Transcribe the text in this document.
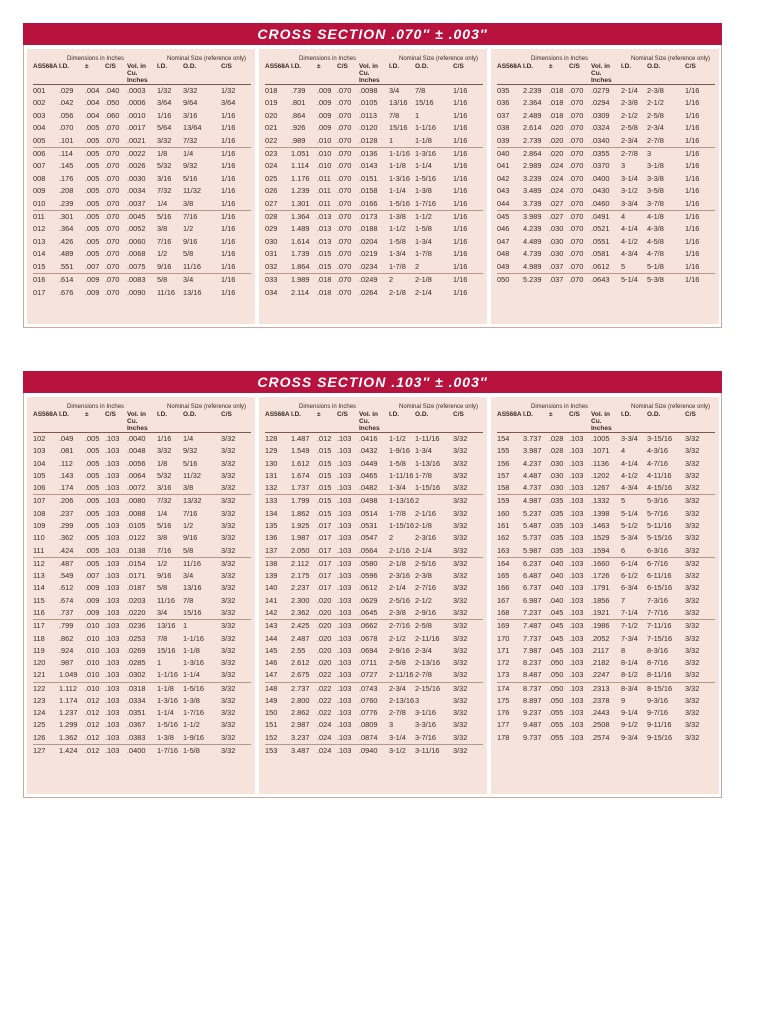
CROSS SECTION .070″ ± .003″
Dimensions in Inches	Nominal Size (reference only)
AS568A	I.D.	±	C/S	Vol. in Cu. Inches	I.D.	O.D.	C/S
001	.029	.004	.040	.0003	1/32	3/32	1/32
002	.042	.004	.050	.0006	3/64	9/64	3/64
003	.056	.004	.060	.0010	1/16	3/16	1/16
004	.070	.005	.070	.0017	5/64	13/64	1/16
005	.101	.005	.070	.0021	3/32	7/32	1/16
006	.114	.005	.070	.0022	1/8	1/4	1/16
007	.145	.005	.070	.0026	5/32	9/32	1/16
008	.176	.005	.070	.0030	3/16	5/16	1/16
009	.208	.005	.070	.0034	7/32	11/32	1/16
010	.239	.005	.070	.0037	1/4	3/8	1/16
011	.301	.005	.070	.0045	5/16	7/16	1/16
012	.364	.005	.070	.0052	3/8	1/2	1/16
013	.426	.005	.070	.0060	7/16	9/16	1/16
014	.489	.005	.070	.0068	1/2	5/8	1/16
015	.551	.007	.070	.0075	9/16	11/16	1/16
016	.614	.009	.070	.0083	5/8	3/4	1/16
017	.676	.009	.070	.0090	11/16	13/16	1/16
Dimensions in Inches	Nominal Size (reference only)
AS568A	I.D.	±	C/S	Vol. in Cu. Inches	I.D.	O.D.	C/S
018	.739	.009	.070	.0098	3/4	7/8	1/16
019	.801	.009	.070	.0105	13/16	15/16	1/16
020	.864	.009	.070	.0113	7/8	1	1/16
021	.926	.009	.070	.0120	15/16	1-1/16	1/16
022	.989	.010	.070	.0128	1	1-1/8	1/16
023	1.051	.010	.070	.0136	1-1/16	1-3/16	1/16
024	1.114	.010	.070	.0143	1-1/8	1-1/4	1/16
025	1.176	.011	.070	.0151	1-3/16	1-5/16	1/16
026	1.239	.011	.070	.0158	1-1/4	1-3/8	1/16
027	1.301	.011	.070	.0166	1-5/16	1-7/16	1/16
028	1.364	.013	.070	.0173	1-3/8	1-1/2	1/16
029	1.489	.013	.070	.0188	1-1/2	1-5/8	1/16
030	1.614	.013	.070	.0204	1-5/8	1-3/4	1/16
031	1.739	.015	.070	.0219	1-3/4	1-7/8	1/16
032	1.864	.015	.070	.0234	1-7/8	2	1/16
033	1.989	.018	.070	.0249	2	2-1/8	1/16
034	2.114	.018	.070	.0264	2-1/8	2-1/4	1/16
Dimensions in Inches	Nominal Size (reference only)
AS568A	I.D.	±	C/S	Vol. in Cu. Inches	I.D.	O.D.	C/S
035	2.239	.018	.070	.0279	2-1/4	2-3/8	1/16
036	2.364	.018	.070	.0294	2-3/8	2-1/2	1/16
037	2.489	.018	.070	.0309	2-1/2	2-5/8	1/16
038	2.614	.020	.070	.0324	2-5/8	2-3/4	1/16
039	2.739	.020	.070	.0340	2-3/4	2-7/8	1/16
040	2.864	.020	.070	.0355	2-7/8	3	1/16
041	2.989	.024	.070	.0370	3	3-1/8	1/16
042	3.239	.024	.070	.0400	3-1/4	3-3/8	1/16
043	3.489	.024	.070	.0430	3-1/2	3-5/8	1/16
044	3.739	.027	.070	.0460	3-3/4	3-7/8	1/16
045	3.989	.027	.070	.0491	4	4-1/8	1/16
046	4.239	.030	.070	.0521	4-1/4	4-3/8	1/16
047	4.489	.030	.070	.0551	4-1/2	4-5/8	1/16
048	4.739	.030	.070	.0581	4-3/4	4-7/8	1/16
049	4.989	.037	.070	.0612	5	5-1/8	1/16
050	5.239	.037	.070	.0643	5-1/4	5-3/8	1/16
CROSS SECTION .103″ ± .003″
Dimensions in Inches	Nominal Size (reference only)
AS568A	I.D.	±	C/S	Vol. in Cu. Inches	I.D.	O.D.	C/S
102	.049	.005	.103	.0040	1/16	1/4	3/32
103	.081	.005	.103	.0048	3/32	9/32	3/32
104	.112	.005	.103	.0056	1/8	5/16	3/32
105	.143	.005	.103	.0064	5/32	11/32	3/32
106	.174	.005	.103	.0072	3/16	3/8	3/32
107	.206	.005	.103	.0080	7/32	13/32	3/32
108	.237	.005	.103	.0088	1/4	7/16	3/32
109	.299	.005	.103	.0105	5/16	1/2	3/32
110	.362	.005	.103	.0122	3/8	9/16	3/32
111	.424	.005	.103	.0138	7/16	5/8	3/32
112	.487	.005	.103	.0154	1/2	11/16	3/32
113	.549	.007	.103	.0171	9/16	3/4	3/32
114	.612	.009	.103	.0187	5/8	13/16	3/32
115	.674	.009	.103	.0203	11/16	7/8	3/32
116	.737	.009	.103	.0220	3/4	15/16	3/32
117	.799	.010	.103	.0236	13/16	1	3/32
118	.862	.010	.103	.0253	7/8	1-1/16	3/32
119	.924	.010	.103	.0269	15/16	1-1/8	3/32
120	.987	.010	.103	.0285	1	1-3/16	3/32
121	1.049	.010	.103	.0302	1-1/16	1-1/4	3/32
122	1.112	.010	.103	.0318	1-1/8	1-5/16	3/32
123	1.174	.012	.103	.0334	1-3/16	1-3/8	3/32
124	1.237	.012	.103	.0351	1-1/4	1-7/16	3/32
125	1.299	.012	.103	.0367	1-5/16	1-1/2	3/32
126	1.362	.012	.103	.0383	1-3/8	1-9/16	3/32
127	1.424	.012	.103	.0400	1-7/16	1-5/8	3/32
Dimensions in Inches	Nominal Size (reference only)
AS568A	I.D.	±	C/S	Vol. in Cu. Inches	I.D.	O.D.	C/S
128	1.487	.012	.103	.0416	1-1/2	1-11/16	3/32
129	1.549	.015	.103	.0432	1-9/16	1-3/4	3/32
130	1.612	.015	.103	.0449	1-5/8	1-13/16	3/32
131	1.674	.015	.103	.0465	1-11/16	1-7/8	3/32
132	1.737	.015	.103	.0482	1-3/4	1-15/16	3/32
133	1.799	.015	.103	.0498	1-13/16	2	3/32
134	1.862	.015	.103	.0514	1-7/8	2-1/16	3/32
135	1.925	.017	.103	.0531	1-15/16	2-1/8	3/32
136	1.987	.017	.103	.0547	2	2-3/16	3/32
137	2.050	.017	.103	.0564	2-1/16	2-1/4	3/32
138	2.112	.017	.103	.0580	2-1/8	2-5/16	3/32
139	2.175	.017	.103	.0596	2-3/16	2-3/8	3/32
140	2.237	.017	.103	.0612	2-1/4	2-7/16	3/32
141	2.300	.020	.103	.0629	2-5/16	2-1/2	3/32
142	2.362	.020	.103	.0645	2-3/8	2-9/16	3/32
143	2.425	.020	.103	.0662	2-7/16	2-5/8	3/32
144	2.487	.020	.103	.0678	2-1/2	2-11/16	3/32
145	2.55	.020	.103	.0694	2-9/16	2-3/4	3/32
146	2.612	.020	.103	.0711	2-5/8	2-13/16	3/32
147	2.675	.022	.103	.0727	2-11/16	2-7/8	3/32
148	2.737	.022	.103	.0743	2-3/4	2-15/16	3/32
149	2.800	.022	.103	.0760	2-13/16	3	3/32
150	2.862	.022	.103	.0776	2-7/8	3-1/16	3/32
151	2.987	.024	.103	.0809	3	3-3/16	3/32
152	3.237	.024	.103	.0874	3-1/4	3-7/16	3/32
153	3.487	.024	.103	.0940	3-1/2	3-11/16	3/32
Dimensions in Inches	Nominal Size (reference only)
AS568A	I.D.	±	C/S	Vol. in Cu. Inches	I.D.	O.D.	C/S
154	3.737	.028	.103	.1005	3-3/4	3-15/16	3/32
155	3.987	.028	.103	.1071	4	4-3/16	3/32
156	4.237	.030	.103	.1136	4-1/4	4-7/16	3/32
157	4.487	.030	.103	.1202	4-1/2	4-11/16	3/32
158	4.737	.030	.103	.1267	4-3/4	4-15/16	3/32
159	4.987	.035	.103	.1332	5	5-3/16	3/32
160	5.237	.035	.103	.1398	5-1/4	5-7/16	3/32
161	5.487	.035	.103	.1463	5-1/2	5-11/16	3/32
162	5.737	.035	.103	.1529	5-3/4	5-15/16	3/32
163	5.987	.035	.103	.1594	6	6-3/16	3/32
164	6.237	.040	.103	.1660	6-1/4	6-7/16	3/32
165	6.487	.040	.103	.1726	6-1/2	6-11/16	3/32
166	6.737	.040	.103	.1791	6-3/4	6-15/16	3/32
167	6.987	.040	.103	.1856	7	7-3/16	3/32
168	7.237	.045	.103	.1921	7-1/4	7-7/16	3/32
169	7.487	.045	.103	.1986	7-1/2	7-11/16	3/32
170	7.737	.045	.103	.2052	7-3/4	7-15/16	3/32
171	7.987	.045	.103	.2117	8	8-3/16	3/32
172	8.237	.050	.103	.2182	8-1/4	8-7/16	3/32
173	8.487	.050	.103	.2247	8-1/2	8-11/16	3/32
174	8.737	.050	.103	.2313	8-3/4	8-15/16	3/32
175	8.897	.050	.103	.2378	9	9-3/16	3/32
176	9.237	.055	.103	.2443	9-1/4	9-7/16	3/32
177	9.487	.055	.103	.2508	9-1/2	9-11/16	3/32
178	9.737	.055	.103	.2574	9-3/4	9-15/16	3/32
